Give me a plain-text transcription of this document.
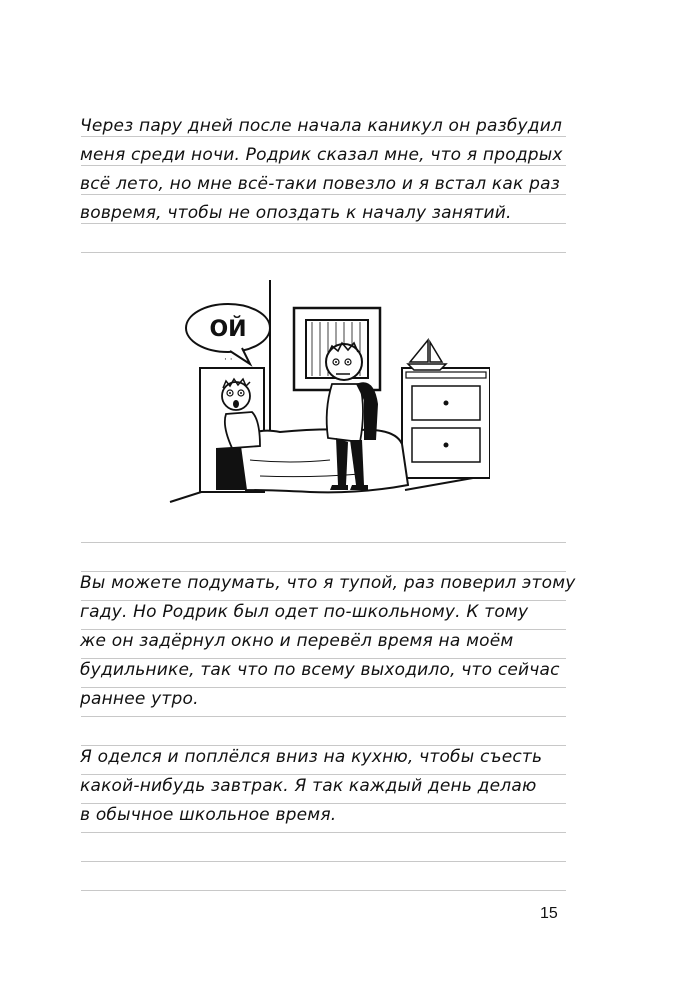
Через пару дней после начала каникул он разбудил
меня среди ночи. Родрик сказал мне, что я продрых
всё лето, но мне всё-таки повезло и я встал как раз
вовремя, чтобы не опоздать к началу занятий.
· ·
ОЙ
Вы можете подумать, что я тупой, раз поверил этому
гаду. Но Родрик был одет по-школьному. К тому
же он задёрнул окно и перевёл время на моём
будильнике, так что по всему выходило, что сейчас
раннее утро.
Я оделся и поплёлся вниз на кухню, чтобы съесть
какой-нибудь завтрак. Я так каждый день делаю
в обычное школьное время.
15
